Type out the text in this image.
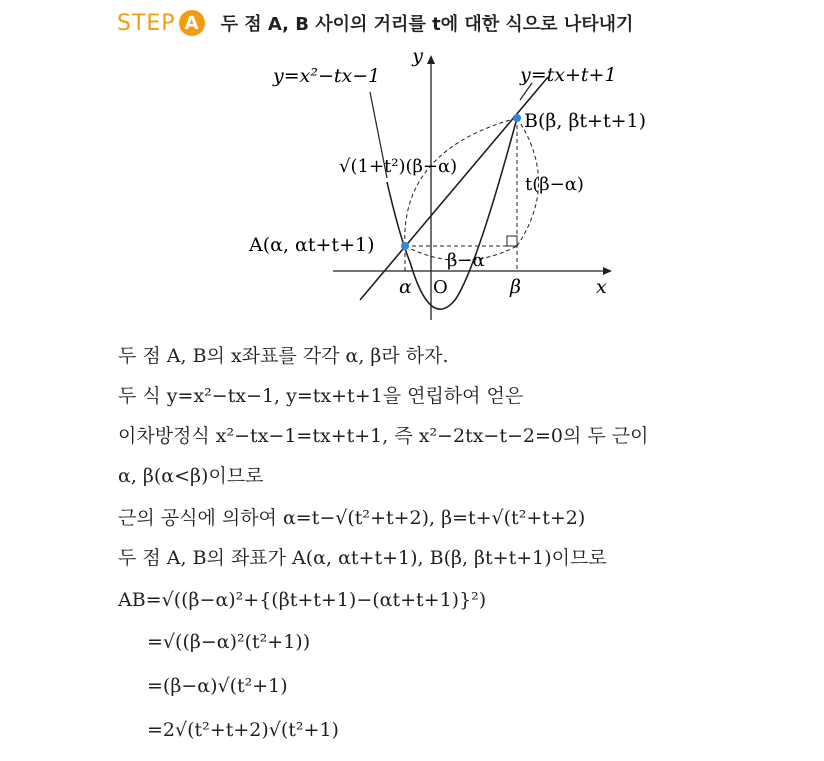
STEP A	두 점 A, B 사이의 거리를 t에 대한 식으로 나타내기
y=x²−tx−1	y=tx+t+1
y
x
O
B(β, βt+t+1)
A(α, αt+t+1)
√(1+t²)(β−α)
t(β−α)
β−α
α	β
두 점 A, B의 x좌표를 각각 α, β라 하자.
두 식 y=x²−tx−1, y=tx+t+1을 연립하여 얻은
이차방정식 x²−tx−1=tx+t+1, 즉 x²−2tx−t−2=0의 두 근이
α, β(α<β)이므로
근의 공식에 의하여 α=t−√(t²+t+2), β=t+√(t²+t+2)
두 점 A, B의 좌표가 A(α, αt+t+1), B(β, βt+t+1)이므로
AB=√((β−α)²+{(βt+t+1)−(αt+t+1)}²)
=√((β−α)²(t²+1))
=(β−α)√(t²+1)
=2√(t²+t+2)√(t²+1)
